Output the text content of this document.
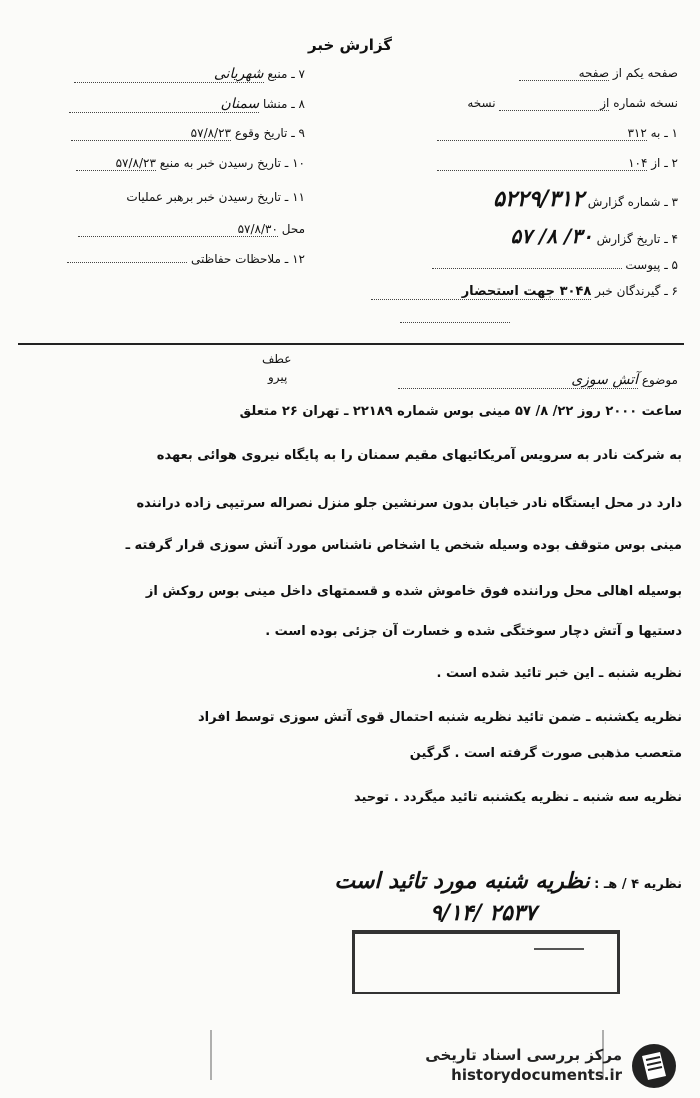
گزارش خبر
۷ ـ منبع شهریانی
۸ ـ منشا سمنان
۹ ـ تاریخ وقوع ۵۷/۸/۲۳
۱۰ ـ تاریخ رسیدن خبر به منبع ۵۷/۸/۲۳
۱۱ ـ تاریخ رسیدن خبر برهبر عملیات
محل ۵۷/۸/۳۰
۱۲ ـ ملاحظات حفاظتی
صفحه یکم از صفحه
نسخه شماره از نسخه
۱ ـ به ۳۱۲
۲ ـ از ۱۰۴
۳ ـ شماره گزارش ۵۲۲۹/۳۱۲
۴ ـ تاریخ گزارش ۳۰/ ۸/ ۵۷
۵ ـ پیوست
۶ ـ گیرندگان خبر ۳۰۴۸ جهت استحضار
عطف
پیرو	موضوع آتش سوزی
ساعت ۲۰۰۰ روز ۲۲/ ۸/ ۵۷ مینی بوس شماره ۲۲۱۸۹ ـ تهران ۲۶ متعلق
به شرکت نادر به سرویس آمریکائیهای مقیم سمنان را به پایگاه نیروی هوائی بعهده
دارد در محل ایستگاه نادر خیابان بدون سرنشین جلو منزل نصراله سرتیپی زاده دراننده
مینی بوس متوقف بوده وسیله شخص یا اشخاص ناشناس مورد آتش سوزی قرار گرفته ـ
بوسیله اهالی محل وراننده فوق خاموش شده و قسمتهای داخل مینی بوس روکش از
دستیها و آتش دچار سوختگی شده و خسارت آن جزئی بوده است .
نظریه شنبه ـ این خبر تائید شده است .
نظریه یکشنبه ـ ضمن تائید نظریه شنبه احتمال قوی آتش سوزی توسط افراد
متعصب مذهبی صورت گرفته است . گرگین
نظریه سه شنبه ـ نظریه یکشنبه تائید میگردد . توحید
نظریه ۴ / هـ : نظریه شنبه مورد تائید است
۲۵۳۷ /۹/۱۴
مرکز بررسی اسناد تاریخی
historydocuments.ir
